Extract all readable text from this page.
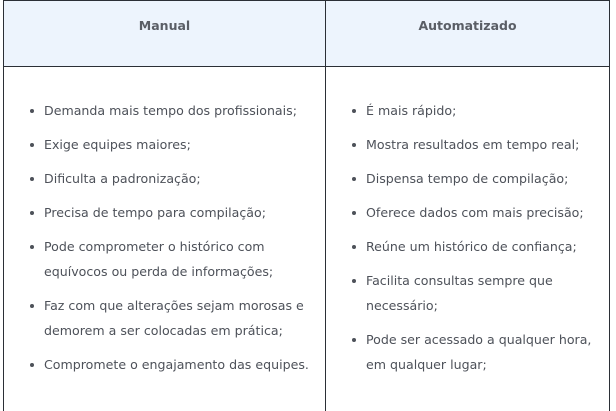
Manual	Automatizado
Demanda mais tempo dos profissionais;
Exige equipes maiores;
Dificulta a padronização;
Precisa de tempo para compilação;
Pode comprometer o histórico com equívocos ou perda de informações;
Faz com que alterações sejam morosas e demorem a ser colocadas em prática;
Compromete o engajamento das equipes.
É mais rápido;
Mostra resultados em tempo real;
Dispensa tempo de compilação;
Oferece dados com mais precisão;
Reúne um histórico de confiança;
Facilita consultas sempre que necessário;
Pode ser acessado a qualquer hora, em qualquer lugar;
